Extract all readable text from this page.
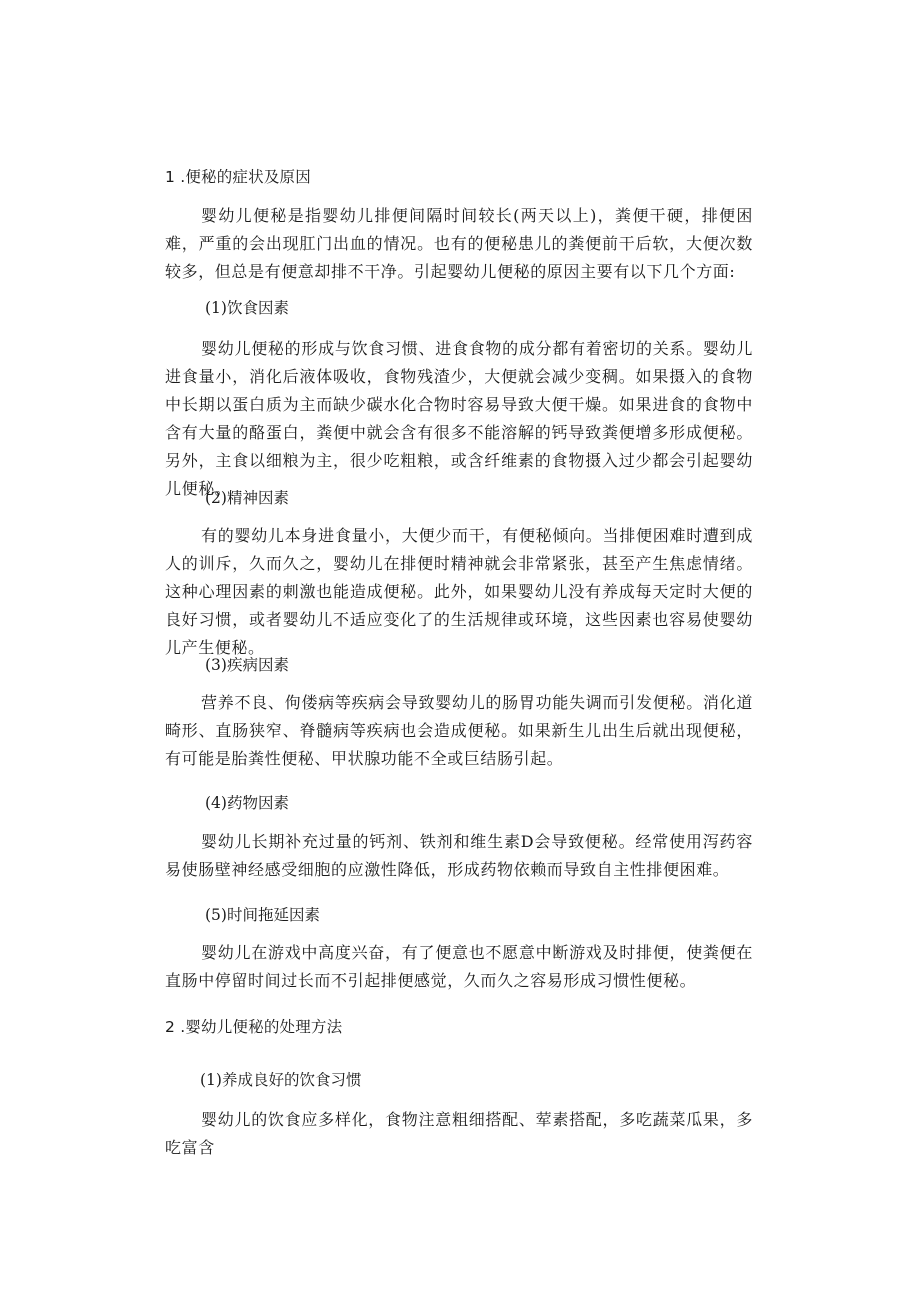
1 .便秘的症状及原因

婴幼儿便秘是指婴幼儿排便间隔时间较长(两天以上)，粪便干硬，排便困难，严重的会出现肛门出血的情况。也有的便秘患儿的粪便前干后软，大便次数较多，但总是有便意却排不干净。引起婴幼儿便秘的原因主要有以下几个方面:

(1)饮食因素

婴幼儿便秘的形成与饮食习惯、进食食物的成分都有着密切的关系。婴幼儿进食量小，消化后液体吸收，食物残渣少，大便就会减少变稠。如果摄入的食物中长期以蛋白质为主而缺少碳水化合物时容易导致大便干燥。如果进食的食物中含有大量的酪蛋白，粪便中就会含有很多不能溶解的钙导致粪便增多形成便秘。另外，主食以细粮为主，很少吃粗粮，或含纤维素的食物摄入过少都会引起婴幼儿便秘。

(2)精神因素

有的婴幼儿本身进食量小，大便少而干，有便秘倾向。当排便困难时遭到成人的训斥，久而久之，婴幼儿在排便时精神就会非常紧张，甚至产生焦虑情绪。这种心理因素的刺激也能造成便秘。此外，如果婴幼儿没有养成每天定时大便的良好习惯，或者婴幼儿不适应变化了的生活规律或环境，这些因素也容易使婴幼儿产生便秘。

(3)疾病因素

营养不良、佝偻病等疾病会导致婴幼儿的肠胃功能失调而引发便秘。消化道畸形、直肠狭窄、脊髓病等疾病也会造成便秘。如果新生儿出生后就出现便秘，有可能是胎粪性便秘、甲状腺功能不全或巨结肠引起。

(4)药物因素

婴幼儿长期补充过量的钙剂、铁剂和维生素D会导致便秘。经常使用泻药容易使肠壁神经感受细胞的应激性降低，形成药物依赖而导致自主性排便困难。

(5)时间拖延因素

婴幼儿在游戏中高度兴奋，有了便意也不愿意中断游戏及时排便，使粪便在直肠中停留时间过长而不引起排便感觉，久而久之容易形成习惯性便秘。

2 .婴幼儿便秘的处理方法
(1)养成良好的饮食习惯

婴幼儿的饮食应多样化，食物注意粗细搭配、荤素搭配，多吃蔬菜瓜果，多吃富含
